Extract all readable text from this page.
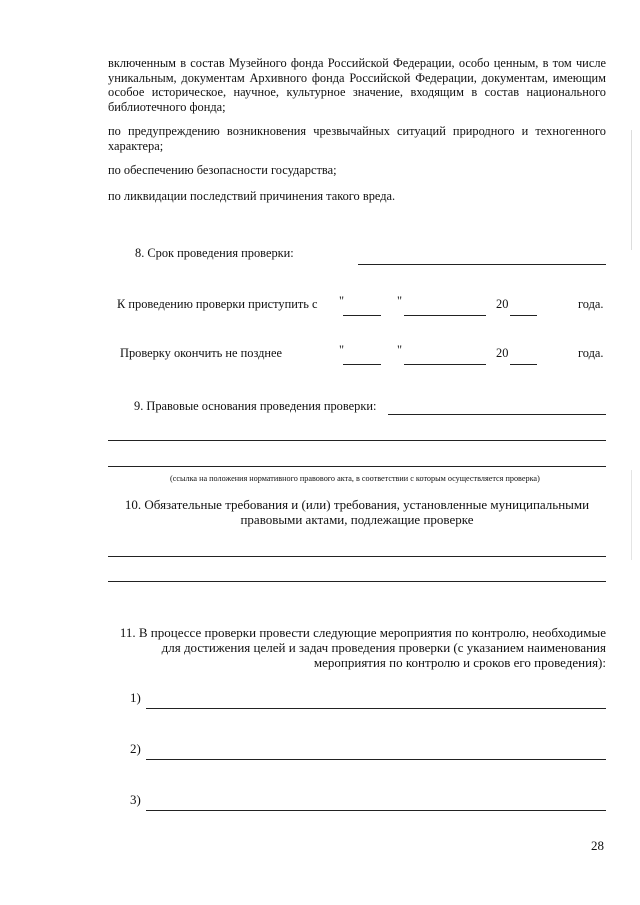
включенным в состав Музейного фонда Российской Федерации, особо ценным, в том числе уникальным, документам Архивного фонда Российской Федерации, документам, имеющим особое историческое, научное, культурное значение, входящим в состав национального библиотечного фонда;
по предупреждению возникновения чрезвычайных ситуаций природного и техногенного характера;
по обеспечению безопасности государства;
по ликвидации последствий причинения такого вреда.
8. Срок проведения проверки:
К проведению проверки приступить с "	"	20	года.
Проверку окончить не позднее	"	"	20	года.
9. Правовые основания проведения проверки:
(ссылка на положения нормативного правового акта, в соответствии с которым осуществляется проверка)
10. Обязательные требования и (или) требования, установленные муниципальными
правовыми актами, подлежащие проверке
11. В процессе проверки провести следующие мероприятия по контролю, необходимые
для достижения целей и задач проведения проверки (с указанием наименования
мероприятия по контролю и сроков его проведения):
1)
2)
3)
28
